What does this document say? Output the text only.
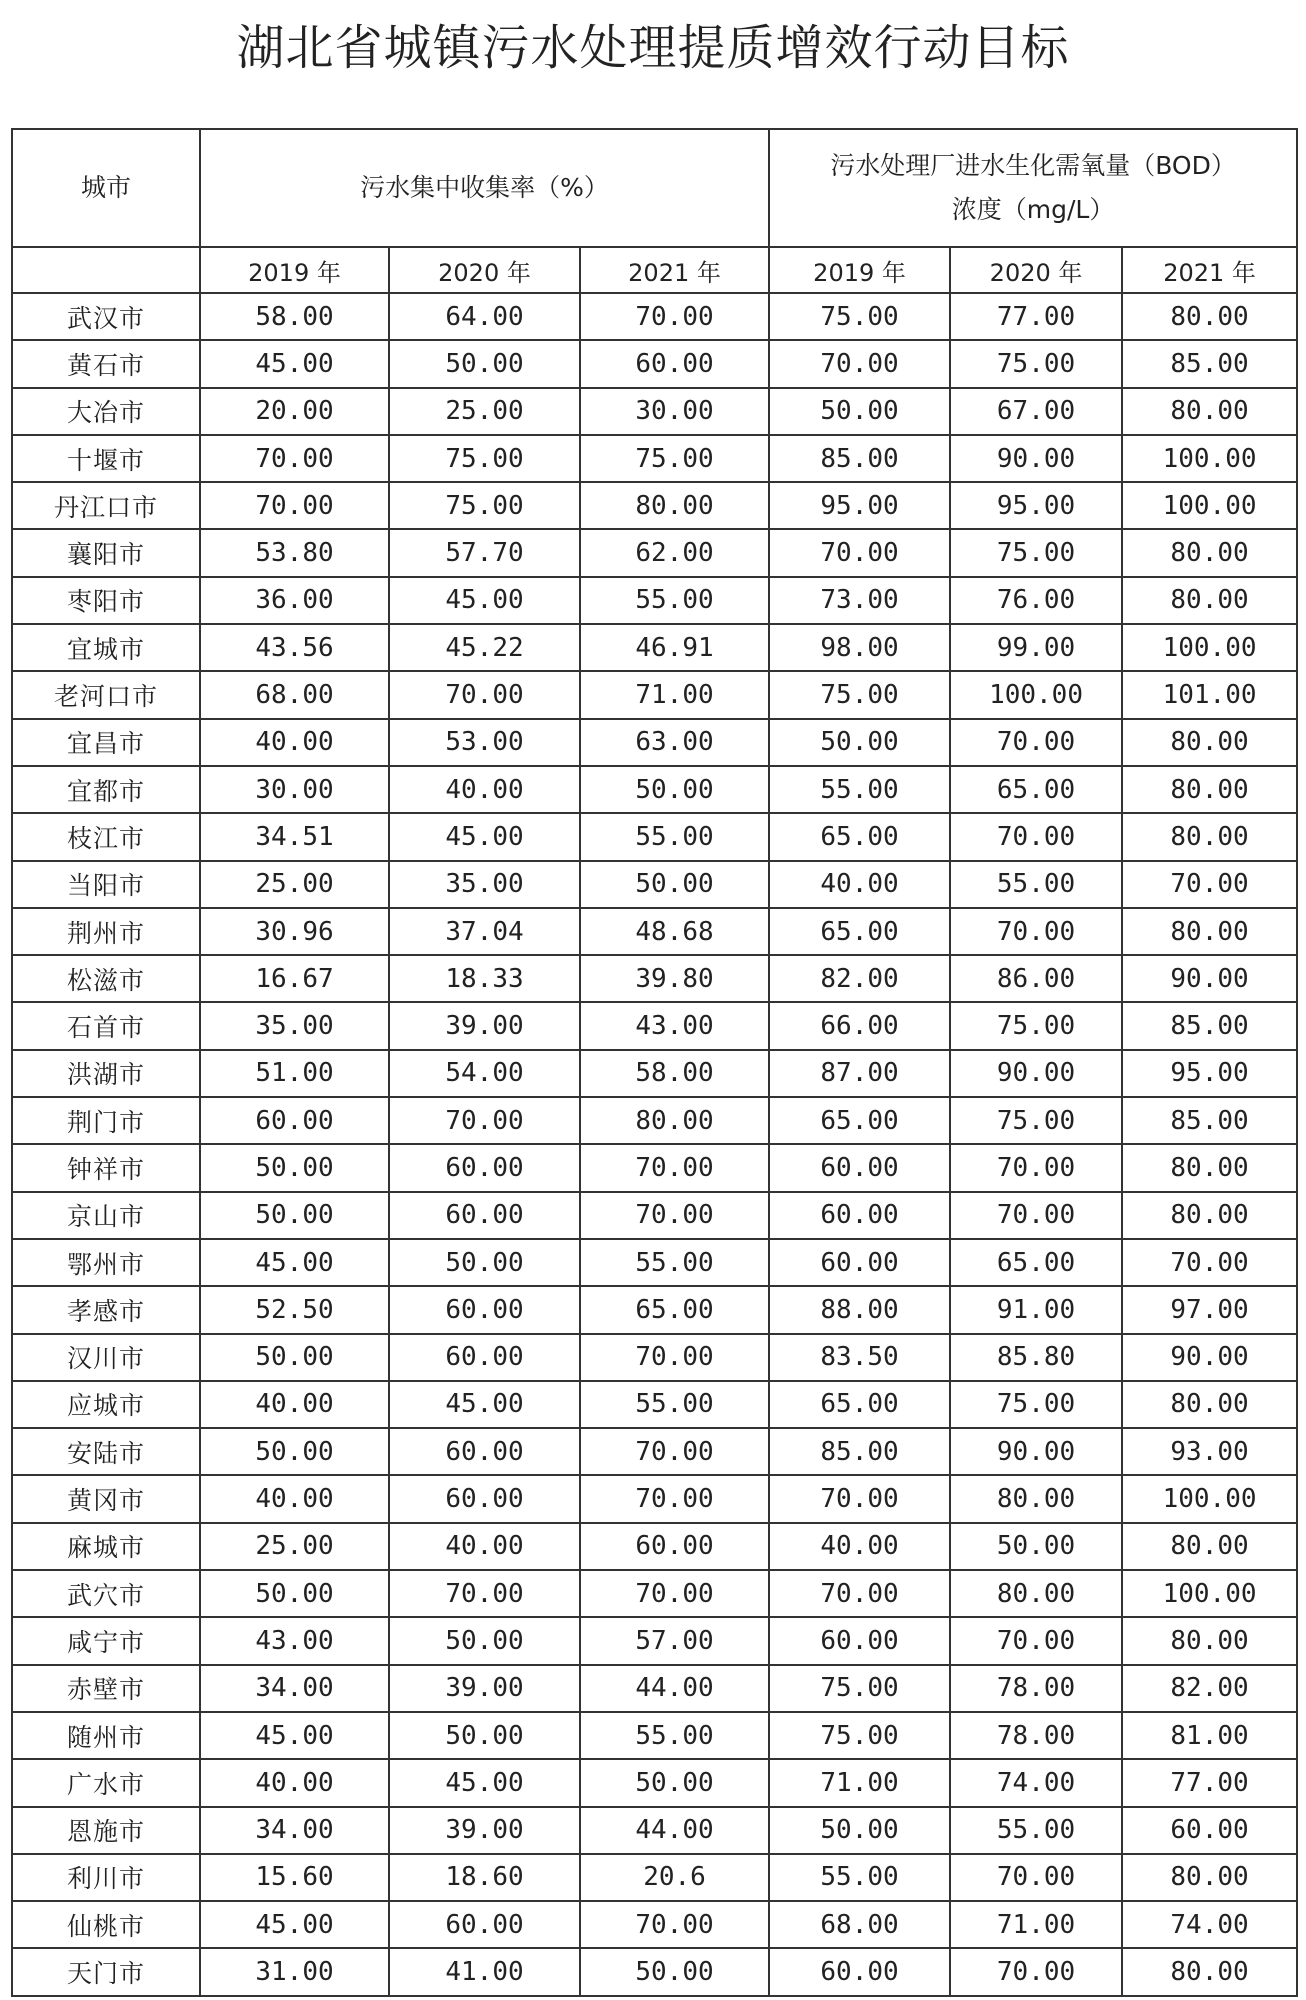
湖北省城镇污水处理提质增效行动目标
城市	污水集中收集率（%）			污水处理厂进水生化需氧量（BOD）
浓度（mg/L）		

	2019 年	2020 年	2021 年	2019 年	2020 年	2021 年
武汉市	58.00	64.00	70.00	75.00	77.00	80.00
黄石市	45.00	50.00	60.00	70.00	75.00	85.00
大冶市	20.00	25.00	30.00	50.00	67.00	80.00
十堰市	70.00	75.00	75.00	85.00	90.00	100.00
丹江口市	70.00	75.00	80.00	95.00	95.00	100.00
襄阳市	53.80	57.70	62.00	70.00	75.00	80.00
枣阳市	36.00	45.00	55.00	73.00	76.00	80.00
宜城市	43.56	45.22	46.91	98.00	99.00	100.00
老河口市	68.00	70.00	71.00	75.00	100.00	101.00
宜昌市	40.00	53.00	63.00	50.00	70.00	80.00
宜都市	30.00	40.00	50.00	55.00	65.00	80.00
枝江市	34.51	45.00	55.00	65.00	70.00	80.00
当阳市	25.00	35.00	50.00	40.00	55.00	70.00
荆州市	30.96	37.04	48.68	65.00	70.00	80.00
松滋市	16.67	18.33	39.80	82.00	86.00	90.00
石首市	35.00	39.00	43.00	66.00	75.00	85.00
洪湖市	51.00	54.00	58.00	87.00	90.00	95.00
荆门市	60.00	70.00	80.00	65.00	75.00	85.00
钟祥市	50.00	60.00	70.00	60.00	70.00	80.00
京山市	50.00	60.00	70.00	60.00	70.00	80.00
鄂州市	45.00	50.00	55.00	60.00	65.00	70.00
孝感市	52.50	60.00	65.00	88.00	91.00	97.00
汉川市	50.00	60.00	70.00	83.50	85.80	90.00
应城市	40.00	45.00	55.00	65.00	75.00	80.00
安陆市	50.00	60.00	70.00	85.00	90.00	93.00
黄冈市	40.00	60.00	70.00	70.00	80.00	100.00
麻城市	25.00	40.00	60.00	40.00	50.00	80.00
武穴市	50.00	70.00	70.00	70.00	80.00	100.00
咸宁市	43.00	50.00	57.00	60.00	70.00	80.00
赤壁市	34.00	39.00	44.00	75.00	78.00	82.00
随州市	45.00	50.00	55.00	75.00	78.00	81.00
广水市	40.00	45.00	50.00	71.00	74.00	77.00
恩施市	34.00	39.00	44.00	50.00	55.00	60.00
利川市	15.60	18.60	20.6	55.00	70.00	80.00
仙桃市	45.00	60.00	70.00	68.00	71.00	74.00
天门市	31.00	41.00	50.00	60.00	70.00	80.00
